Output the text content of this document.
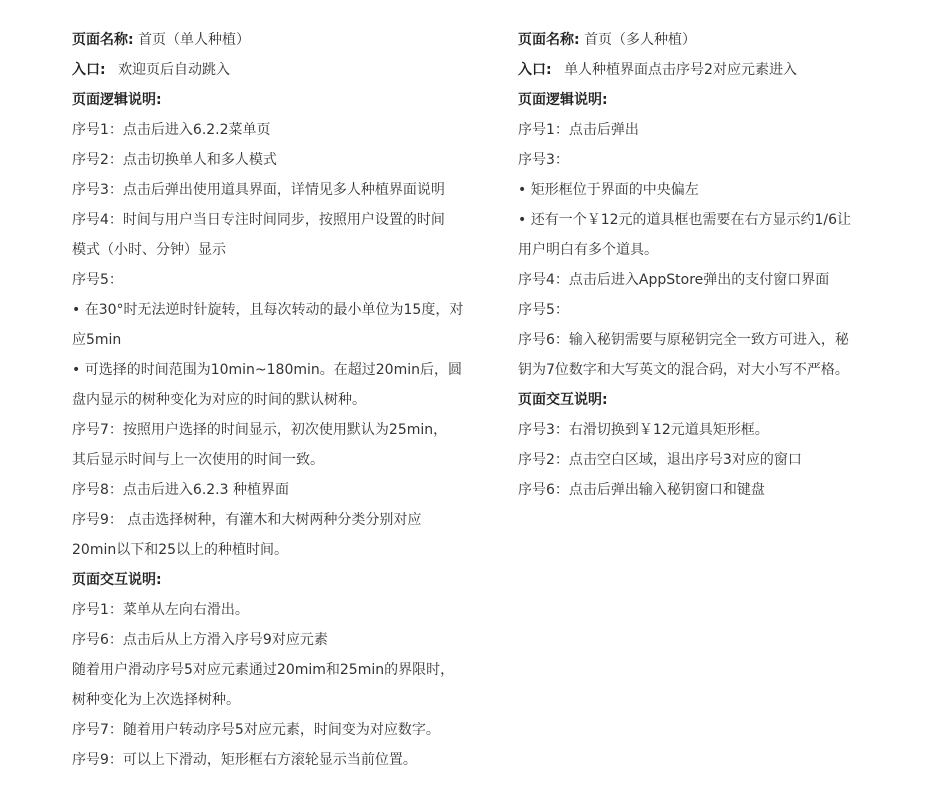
页面名称: 首页（单人种植）
入口: 欢迎页后自动跳入
页面逻辑说明:
序号1：点击后进入6.2.2菜单页
序号2：点击切换单人和多人模式
序号3：点击后弹出使用道具界面，详情见多人种植界面说明
序号4：时间与用户当日专注时间同步，按照用户设置的时间
模式（小时、分钟）显示
序号5：
• 在30°时无法逆时针旋转，且每次转动的最小单位为15度，对
应5min
• 可选择的时间范围为10min~180min。在超过20min后，圆
盘内显示的树种变化为对应的时间的默认树种。
序号7：按照用户选择的时间显示，初次使用默认为25min，
其后显示时间与上一次使用的时间一致。
序号8：点击后进入6.2.3 种植界面
序号9： 点击选择树种，有灌木和大树两种分类分别对应
20min以下和25以上的种植时间。
页面交互说明:
序号1：菜单从左向右滑出。
序号6：点击后从上方滑入序号9对应元素
随着用户滑动序号5对应元素通过20mim和25min的界限时，
树种变化为上次选择树种。
序号7：随着用户转动序号5对应元素，时间变为对应数字。
序号9：可以上下滑动，矩形框右方滚轮显示当前位置。
页面名称: 首页（多人种植）
入口: 单人种植界面点击序号2对应元素进入
页面逻辑说明:
序号1：点击后弹出
序号3：
• 矩形框位于界面的中央偏左
• 还有一个￥12元的道具框也需要在右方显示约1/6让
用户明白有多个道具。
序号4：点击后进入AppStore弹出的支付窗口界面
序号5：
序号6：输入秘钥需要与原秘钥完全一致方可进入，秘
钥为7位数字和大写英文的混合码，对大小写不严格。
页面交互说明:
序号3：右滑切换到￥12元道具矩形框。
序号2：点击空白区域，退出序号3对应的窗口
序号6：点击后弹出输入秘钥窗口和键盘
